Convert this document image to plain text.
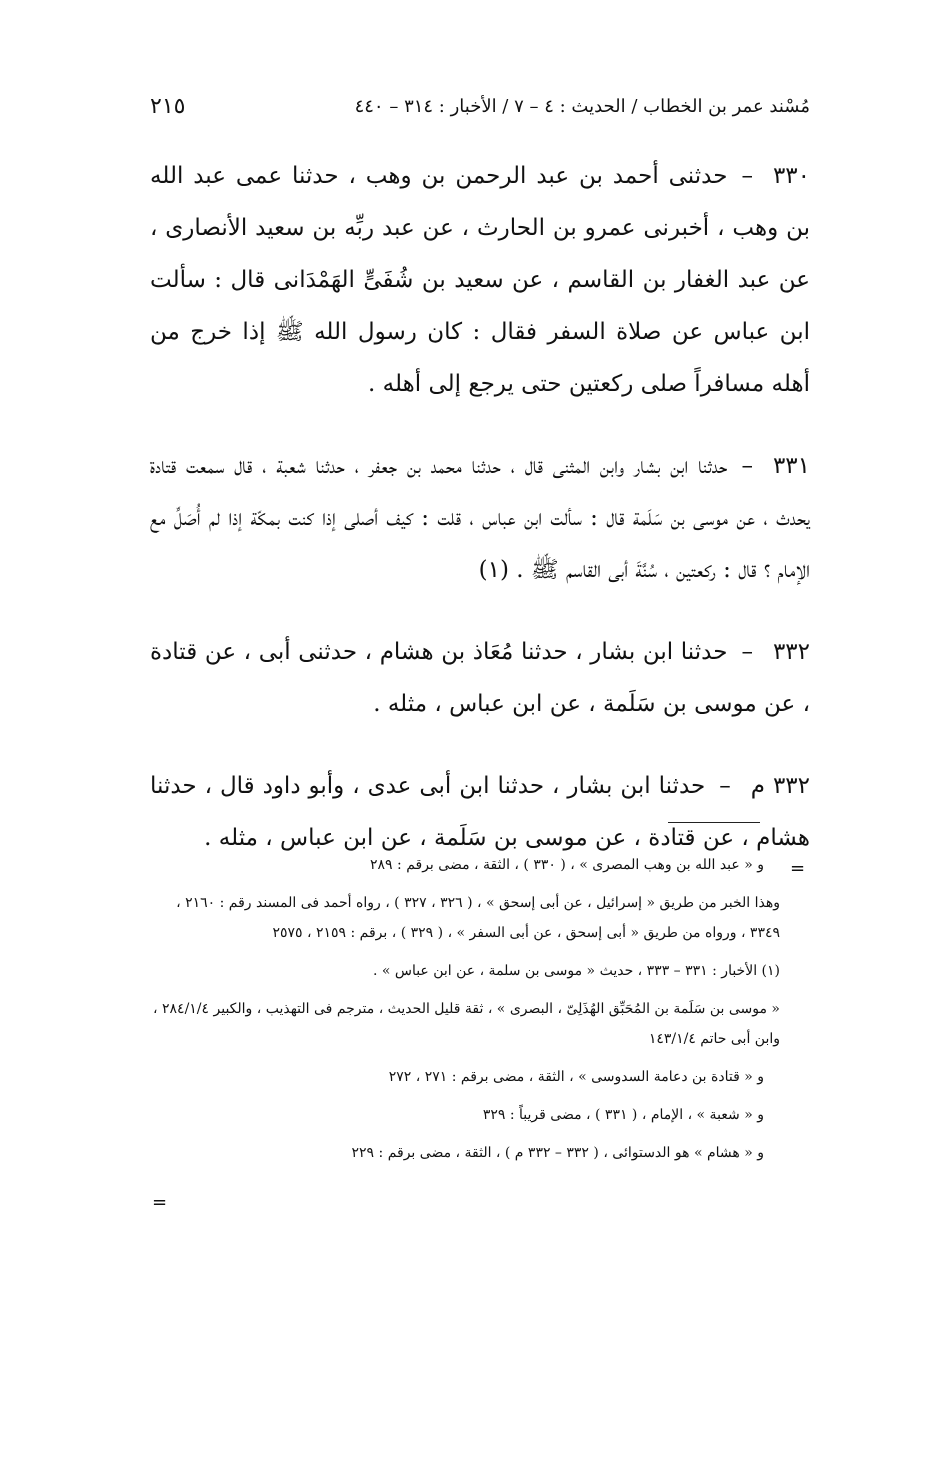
مُسْند عمر بن الخطاب / الحديث : ٤ – ٧ / الأخبار : ٣١٤ – ٤٤٠
٢١٥

٣٣٠–حدثنى أحمد بن عبد الرحمن بن وهب ، حدثنا عمى عبد الله بن وهب ، أخبرنى عمرو بن الحارث ، عن عبد ربِّه بن سعيد الأنصارى ، عن عبد الغفار بن القاسم ، عن سعيد بن شُفَىٍّ الهَمْدَانى قال : سألت ابن عباس عن صلاة السفر فقال : كان رسول الله ﷺ إذا خرج من أهله مسافراً صلى ركعتين حتى يرجع إلى أهله .

٣٣١–حدثنا ابن بشار وابن المثنى قال ، حدثنا محمد بن جعفر ، حدثنا شعبة ، قال سمعت قتادة يحدث ، عن موسى بن سَلَمة قال : سألت ابن عباس ، قلت : كيف أصلى إذا كنت بمكّة إذا لم أُصَلِّ مع الإمام ؟ قال : ركعتين ، سُنَّةَ أبى القاسم ﷺ . (١)

٣٣٢–حدثنا ابن بشار ، حدثنا مُعَاذ بن هشام ، حدثنى أبى ، عن قتادة ، عن موسى بن سَلَمة ، عن ابن عباس ، مثله .

٣٣٢ م–حدثنا ابن بشار ، حدثنا ابن أبى عدى ، وأبو داود قال ، حدثنا هشام ، عن قتادة ، عن موسى بن سَلَمة ، عن ابن عباس ، مثله .

=

و « عبد الله بن وهب المصرى » ، ( ٣٣٠ ) ، الثقة ، مضى برقم : ٢٨٩

وهذا الخبر من طريق « إسرائيل ، عن أبى إسحق » ، ( ٣٢٦ ، ٣٢٧ ) ، رواه أحمد فى المسند رقم : ٢١٦٠ ، ٣٣٤٩ ، ورواه من طريق « أبى إسحق ، عن أبى السفر » ، ( ٣٢٩ ) ، برقم : ٢١٥٩ ، ٢٥٧٥

(١) الأخبار : ٣٣١ – ٣٣٣ ، حديث « موسى بن سلمة ، عن ابن عباس » .

« موسى بن سَلَمة بن المُحَبِّق الهُذَلِىّ ، البصرى » ، ثقة قليل الحديث ، مترجم فى التهذيب ، والكبير ٢٨٤/١/٤ ، وابن أبى حاتم ١٤٣/١/٤

و « قتادة بن دعامة السدوسى » ، الثقة ، مضى برقم : ٢٧١ ، ٢٧٢

و « شعبة » ، الإمام ، ( ٣٣١ ) ، مضى قريباً : ٣٢٩

و « هشام » هو الدستوائى ، ( ٣٣٢ – ٣٣٢ م ) ، الثقة ، مضى برقم : ٢٢٩

=
